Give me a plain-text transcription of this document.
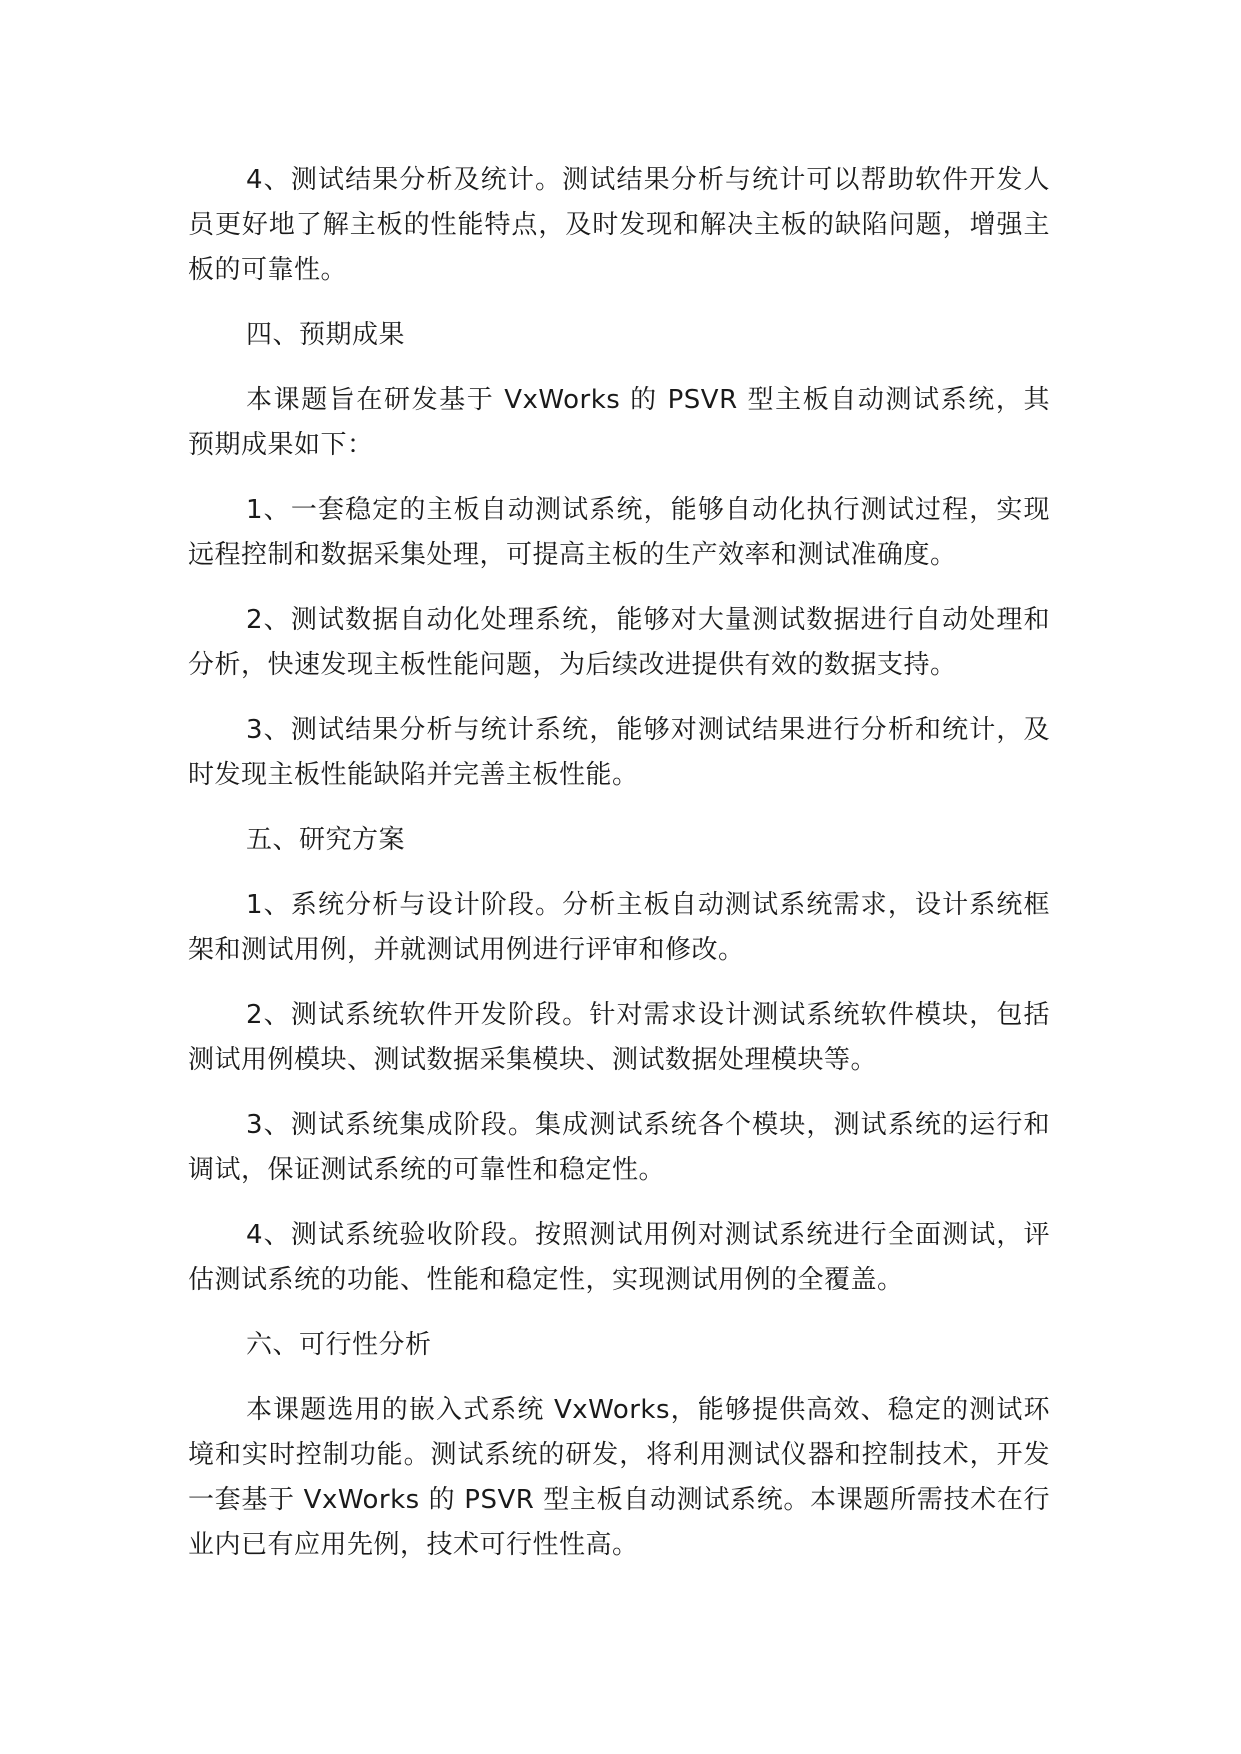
4、测试结果分析及统计。测试结果分析与统计可以帮助软件开发人员更好地了解主板的性能特点，及时发现和解决主板的缺陷问题，增强主板的可靠性。

四、预期成果

本课题旨在研发基于 VxWorks 的 PSVR 型主板自动测试系统，其预期成果如下：

1、一套稳定的主板自动测试系统，能够自动化执行测试过程，实现远程控制和数据采集处理，可提高主板的生产效率和测试准确度。

2、测试数据自动化处理系统，能够对大量测试数据进行自动处理和分析，快速发现主板性能问题，为后续改进提供有效的数据支持。

3、测试结果分析与统计系统，能够对测试结果进行分析和统计，及时发现主板性能缺陷并完善主板性能。

五、研究方案

1、系统分析与设计阶段。分析主板自动测试系统需求，设计系统框架和测试用例，并就测试用例进行评审和修改。

2、测试系统软件开发阶段。针对需求设计测试系统软件模块，包括测试用例模块、测试数据采集模块、测试数据处理模块等。

3、测试系统集成阶段。集成测试系统各个模块，测试系统的运行和调试，保证测试系统的可靠性和稳定性。

4、测试系统验收阶段。按照测试用例对测试系统进行全面测试，评估测试系统的功能、性能和稳定性，实现测试用例的全覆盖。

六、可行性分析

本课题选用的嵌入式系统 VxWorks，能够提供高效、稳定的测试环境和实时控制功能。测试系统的研发，将利用测试仪器和控制技术，开发一套基于 VxWorks 的 PSVR 型主板自动测试系统。本课题所需技术在行业内已有应用先例，技术可行性性高。
